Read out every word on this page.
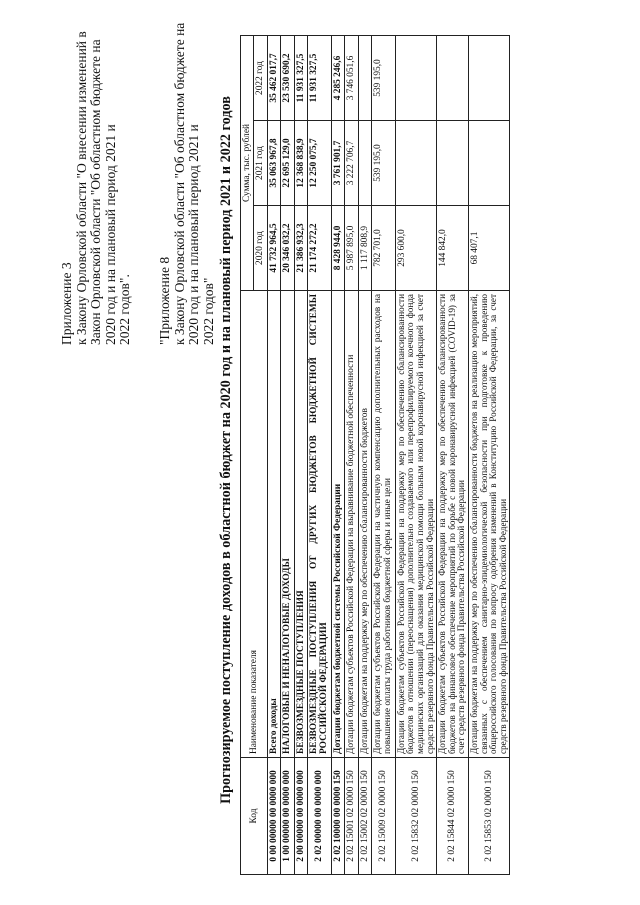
Приложение 3 к Закону Орловской области "О внесении изменений в Закон Орловской области "Об областном бюджете на 2020 год и на плановый период 2021 и 2022 годов". "Приложение 8 к Закону Орловской области "Об областном бюджете на 2020 год и на плановый период 2021 и 2022 годов" Прогнозируемое поступление доходов в областной бюджет на 2020 год и на плановый период 2021 и 2022 годов
Код	Наименование показателя	Сумма, тыс. рублей		
		2020 год	2021 год	2022 год
0 00 00000 00 0000 000	Всего доходы	41 732 964,5	35 063 967,8	35 462 017,7
1 00 00000 00 0000 000	НАЛОГОВЫЕ И НЕНАЛОГОВЫЕ ДОХОДЫ	20 346 032,2	22 695 129,0	23 530 690,2
2 00 00000 00 0000 000	БЕЗВОЗМЕЗДНЫЕ ПОСТУПЛЕНИЯ	21 386 932,3	12 368 838,9	11 931 327,5
2 02 00000 00 0000 000	БЕЗВОЗМЕЗДНЫЕ ПОСТУПЛЕНИЯ ОТ ДРУГИХ БЮДЖЕТОВ БЮДЖЕТНОЙ СИСТЕМЫ РОССИЙСКОЙ ФЕДЕРАЦИИ	21 174 272,2	12 250 075,7	11 931 327,5
2 02 10000 00 0000 150	Дотации бюджетам бюджетной системы Российской Федерации	8 428 944,0	3 761 901,7	4 285 246,6
2 02 15001 02 0000 150	Дотации бюджетам субъектов Российской Федерации на выравнивание бюджетной обеспеченности	5 987 895,0	3 222 706,7	3 746 051,6
2 02 15002 02 0000 150	Дотации бюджетам на поддержку мер по обеспечению сбалансированности бюджетов	1 117 808,9		
2 02 15009 02 0000 150	Дотации бюджетам субъектов Российской Федерации на частичную компенсацию дополнительных расходов на повышение оплаты труда работников бюджетной сферы и иные цели	782 701,0	539 195,0	539 195,0
2 02 15832 02 0000 150	Дотации бюджетам субъектов Российской Федерации на поддержку мер по обеспечению сбалансированности бюджетов в отношении (переоснащения) дополнительно создаваемого или перепрофилируемого коечного фонда медицинских организаций для оказания медицинской помощи больным новой коронавирусной инфекцией за счет средств резервного фонда Правительства Российской Федерации	293 600,0		
2 02 15844 02 0000 150	Дотации бюджетам субъектов Российской Федерации на поддержку мер по обеспечению сбалансированности бюджетов на финансовое обеспечение мероприятий по борьбе с новой коронавирусной инфекцией (COVID-19) за счет средств резервного фонда Правительства Российской Федерации	144 842,0		
2 02 15853 02 0000 150	Дотации бюджетам на поддержку мер по обеспечению сбалансированности бюджетов на реализацию мероприятий, связанных с обеспечением санитарно-эпидемиологической безопасности при подготовке к проведению общероссийского голосования по вопросу одобрения изменений в Конституцию Российской Федерации, за счет средств резервного фонда Правительства Российской Федерации	68 407,1		
